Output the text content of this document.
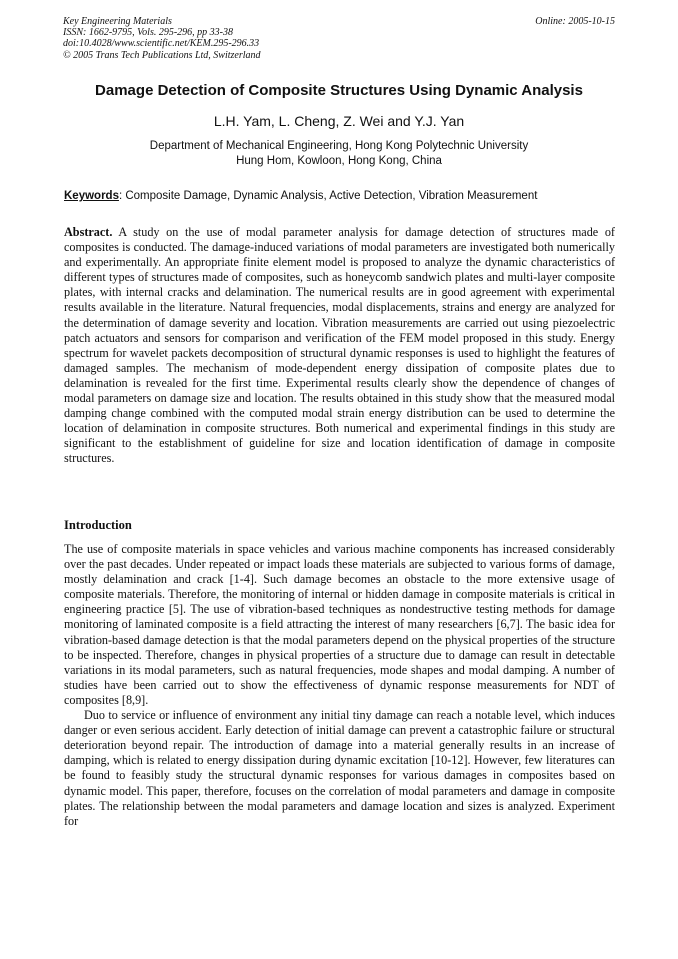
Key Engineering Materials
ISSN: 1662-9795, Vols. 295-296, pp 33-38
doi:10.4028/www.scientific.net/KEM.295-296.33
© 2005 Trans Tech Publications Ltd, Switzerland
Online: 2005-10-15
Damage Detection of Composite Structures Using Dynamic Analysis
L.H. Yam, L. Cheng, Z. Wei and Y.J. Yan
Department of Mechanical Engineering, Hong Kong Polytechnic University
Hung Hom, Kowloon, Hong Kong, China
Keywords: Composite Damage, Dynamic Analysis, Active Detection, Vibration Measurement
Abstract. A study on the use of modal parameter analysis for damage detection of structures made of composites is conducted. The damage-induced variations of modal parameters are investigated both numerically and experimentally. An appropriate finite element model is proposed to analyze the dynamic characteristics of different types of structures made of composites, such as honeycomb sandwich plates and multi-layer composite plates, with internal cracks and delamination. The numerical results are in good agreement with experimental results available in the literature. Natural frequencies, modal displacements, strains and energy are analyzed for the determination of damage severity and location. Vibration measurements are carried out using piezoelectric patch actuators and sensors for comparison and verification of the FEM model proposed in this study. Energy spectrum for wavelet packets decomposition of structural dynamic responses is used to highlight the features of damaged samples. The mechanism of mode-dependent energy dissipation of composite plates due to delamination is revealed for the first time. Experimental results clearly show the dependence of changes of modal parameters on damage size and location. The results obtained in this study show that the measured modal damping change combined with the computed modal strain energy distribution can be used to determine the location of delamination in composite structures. Both numerical and experimental findings in this study are significant to the establishment of guideline for size and location identification of damage in composite structures.
Introduction

The use of composite materials in space vehicles and various machine components has increased considerably over the past decades. Under repeated or impact loads these materials are subjected to various forms of damage, mostly delamination and crack [1-4]. Such damage becomes an obstacle to the more extensive usage of composite materials. Therefore, the monitoring of internal or hidden damage in composite materials is critical in engineering practice [5]. The use of vibration-based techniques as nondestructive testing methods for damage monitoring of laminated composite is a field attracting the interest of many researchers [6,7]. The basic idea for vibration-based damage detection is that the modal parameters depend on the physical properties of the structure to be inspected. Therefore, changes in physical properties of a structure due to damage can result in detectable variations in its modal parameters, such as natural frequencies, mode shapes and modal damping. A number of studies have been carried out to show the effectiveness of dynamic response measurements for NDT of composites [8,9].

Duo to service or influence of environment any initial tiny damage can reach a notable level, which induces danger or even serious accident. Early detection of initial damage can prevent a catastrophic failure or structural deterioration beyond repair. The introduction of damage into a material generally results in an increase of damping, which is related to energy dissipation during dynamic excitation [10-12]. However, few literatures can be found to feasibly study the structural dynamic responses for various damages in composites based on dynamic model. This paper, therefore, focuses on the correlation of modal parameters and damage in composite plates. The relationship between the modal parameters and damage location and sizes is analyzed. Experiment for
